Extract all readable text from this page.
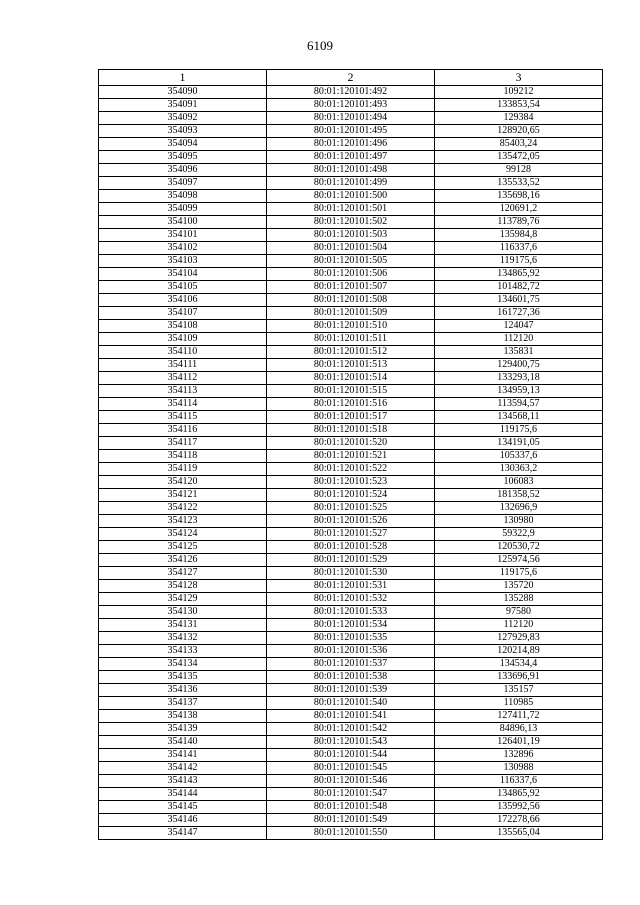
6109
1	2	3
354090	80:01:120101:492	109212
354091	80:01:120101:493	133853,54
354092	80:01:120101:494	129384
354093	80:01:120101:495	128920,65
354094	80:01:120101:496	85403,24
354095	80:01:120101:497	135472,05
354096	80:01:120101:498	99128
354097	80:01:120101:499	135533,52
354098	80:01:120101:500	135698,16
354099	80:01:120101:501	120691,2
354100	80:01:120101:502	113789,76
354101	80:01:120101:503	135984,8
354102	80:01:120101:504	116337,6
354103	80:01:120101:505	119175,6
354104	80:01:120101:506	134865,92
354105	80:01:120101:507	101482,72
354106	80:01:120101:508	134601,75
354107	80:01:120101:509	161727,36
354108	80:01:120101:510	124047
354109	80:01:120101:511	112120
354110	80:01:120101:512	135831
354111	80:01:120101:513	129400,75
354112	80:01:120101:514	133293,18
354113	80:01:120101:515	134959,13
354114	80:01:120101:516	113594,57
354115	80:01:120101:517	134568,11
354116	80:01:120101:518	119175,6
354117	80:01:120101:520	134191,05
354118	80:01:120101:521	105337,6
354119	80:01:120101:522	130363,2
354120	80:01:120101:523	106083
354121	80:01:120101:524	181358,52
354122	80:01:120101:525	132696,9
354123	80:01:120101:526	130980
354124	80:01:120101:527	59322,9
354125	80:01:120101:528	120530,72
354126	80:01:120101:529	125974,56
354127	80:01:120101:530	119175,6
354128	80:01:120101:531	135720
354129	80:01:120101:532	135288
354130	80:01:120101:533	97580
354131	80:01:120101:534	112120
354132	80:01:120101:535	127929,83
354133	80:01:120101:536	120214,89
354134	80:01:120101:537	134534,4
354135	80:01:120101:538	133696,91
354136	80:01:120101:539	135157
354137	80:01:120101:540	110985
354138	80:01:120101:541	127411,72
354139	80:01:120101:542	84896,13
354140	80:01:120101:543	126401,19
354141	80:01:120101:544	132896
354142	80:01:120101:545	130988
354143	80:01:120101:546	116337,6
354144	80:01:120101:547	134865,92
354145	80:01:120101:548	135992,56
354146	80:01:120101:549	172278,66
354147	80:01:120101:550	135565,04
